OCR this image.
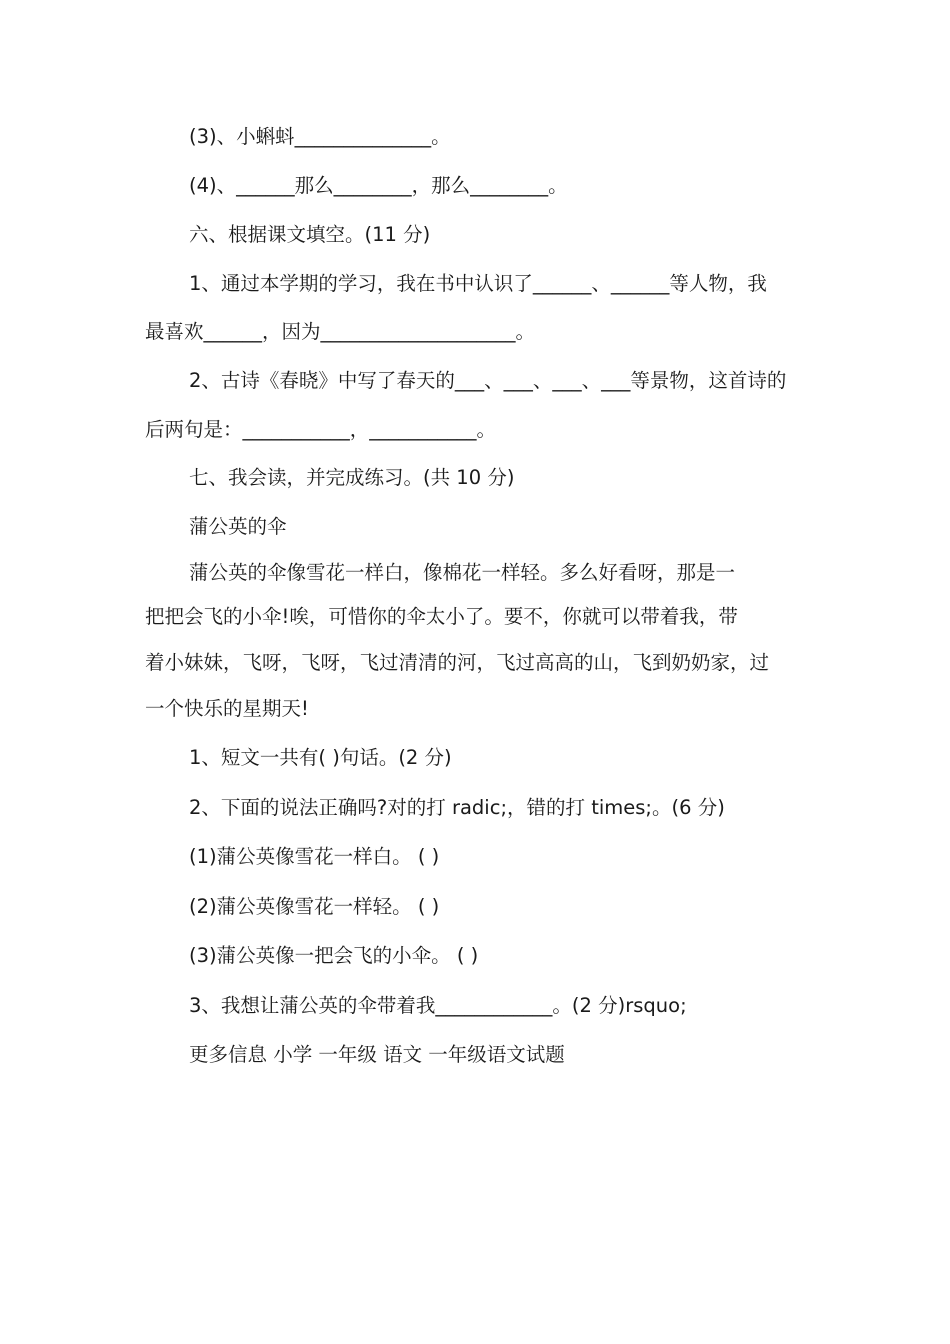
(3)、小蝌蚪______________。
(4)、______那么________，那么________。
六、根据课文填空。(11 分)
1、通过本学期的学习，我在书中认识了______、______等人物，我
最喜欢______，因为____________________。
2、古诗《春晓》中写了春天的___、___、___、___等景物，这首诗的
后两句是：___________，___________。
七、我会读，并完成练习。(共 10 分)
蒲公英的伞
蒲公英的伞像雪花一样白，像棉花一样轻。多么好看呀，那是一
把把会飞的小伞!唉，可惜你的伞太小了。要不，你就可以带着我，带
着小妹妹，飞呀，飞呀，飞过清清的河，飞过高高的山，飞到奶奶家，过
一个快乐的星期天!
1、短文一共有( )句话。(2 分)
2、下面的说法正确吗?对的打 radic;，错的打 times;。(6 分)
(1)蒲公英像雪花一样白。 ( )
(2)蒲公英像雪花一样轻。 ( )
(3)蒲公英像一把会飞的小伞。 ( )
3、我想让蒲公英的伞带着我____________。(2 分)rsquo;
更多信息 小学 一年级 语文 一年级语文试题
